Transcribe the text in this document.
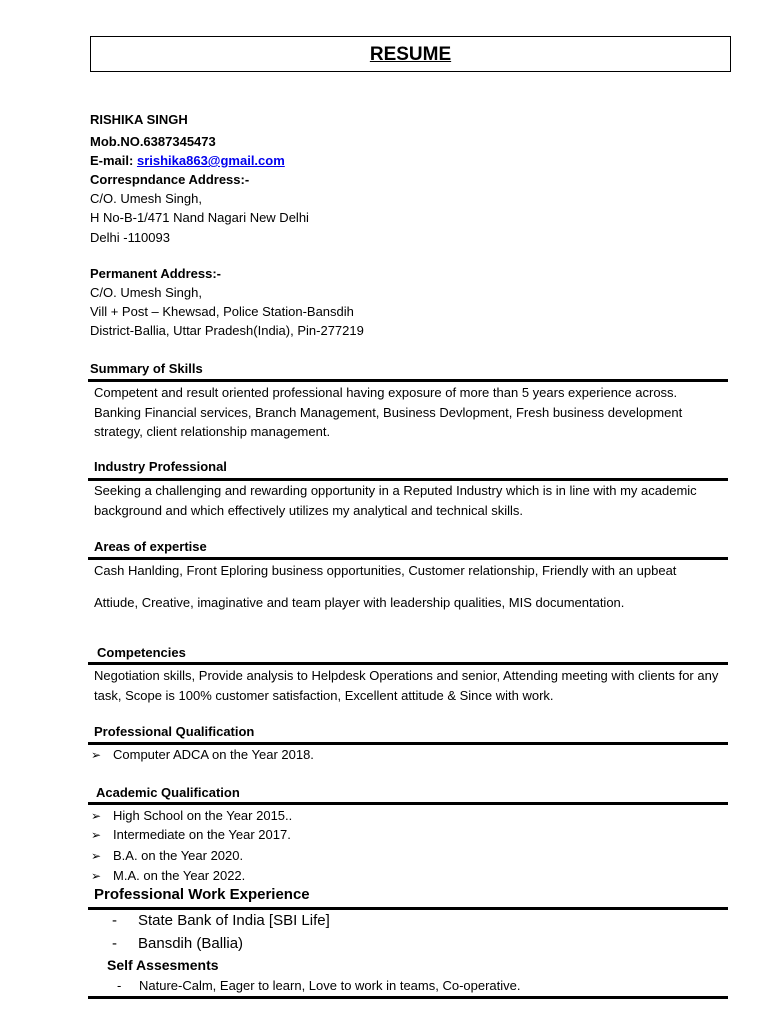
RESUME
RISHIKA SINGH
Mob.NO.6387345473
E-mail: srishika863@gmail.com
Correspndance Address:-
C/O. Umesh Singh,
H No-B-1/471 Nand Nagari New Delhi
Delhi -110093
Permanent Address:-
C/O. Umesh Singh,
Vill + Post – Khewsad, Police Station-Bansdih
District-Ballia, Uttar Pradesh(India), Pin-277219
Summary of Skills
Competent and result oriented professional having exposure of more than 5 years experience across. Banking Financial services, Branch Management, Business Devlopment, Fresh business development strategy, client relationship management.
Industry Professional
Seeking a challenging and rewarding opportunity in a Reputed Industry which is in line with my academic background and which effectively utilizes my analytical and technical skills.
Areas of expertise
Cash Hanlding, Front Eploring business opportunities, Customer relationship, Friendly with an upbeat
Attiude, Creative, imaginative and team player with leadership qualities, MIS documentation.
Competencies
Negotiation skills, Provide analysis to Helpdesk Operations and senior, Attending meeting with clients for any task, Scope is 100% customer satisfaction, Excellent attitude & Since with work.
Professional Qualification
➢ Computer ADCA on the Year 2018.
Academic Qualification
➢ High School on the Year 2015..
➢ Intermediate on the Year 2017.
➢ B.A. on the Year 2020.
➢ M.A. on the Year 2022.
Professional Work Experience
- State Bank of India [SBI Life]
- Bansdih (Ballia)
Self Assesments
- Nature-Calm, Eager to learn, Love to work in teams, Co-operative.
